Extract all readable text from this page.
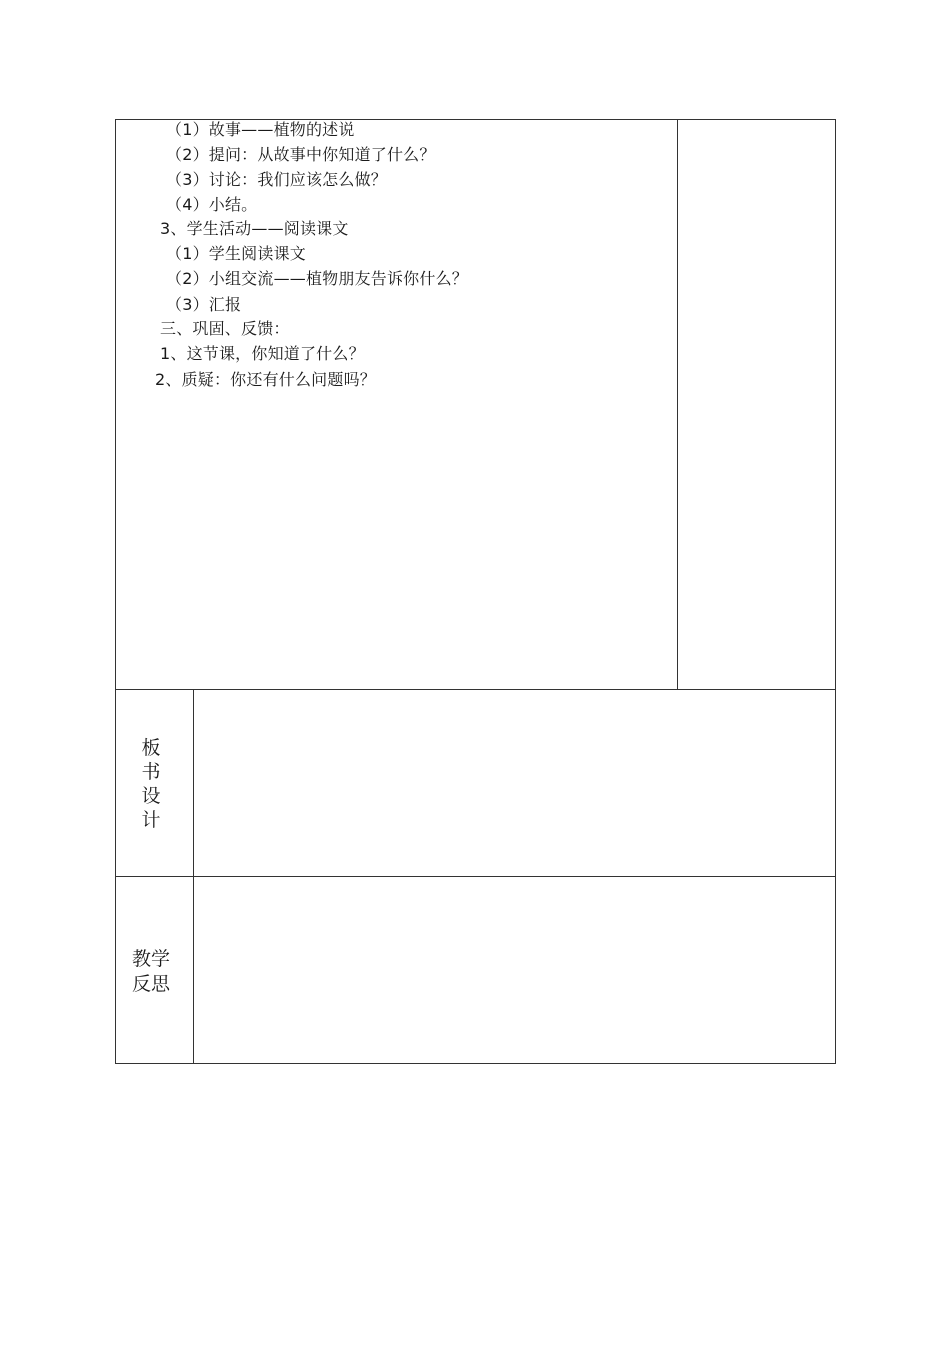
（1）故事——植物的述说
（2）提问：从故事中你知道了什么？
（3）讨论：我们应该怎么做？
（4）小结。
3、学生活动——阅读课文
（1）学生阅读课文
（2）小组交流——植物朋友告诉你什么？
（3）汇报
三、巩固、反馈：
1、这节课，你知道了什么？
2、质疑：你还有什么问题吗？
板
书
设
计
教学
反思
